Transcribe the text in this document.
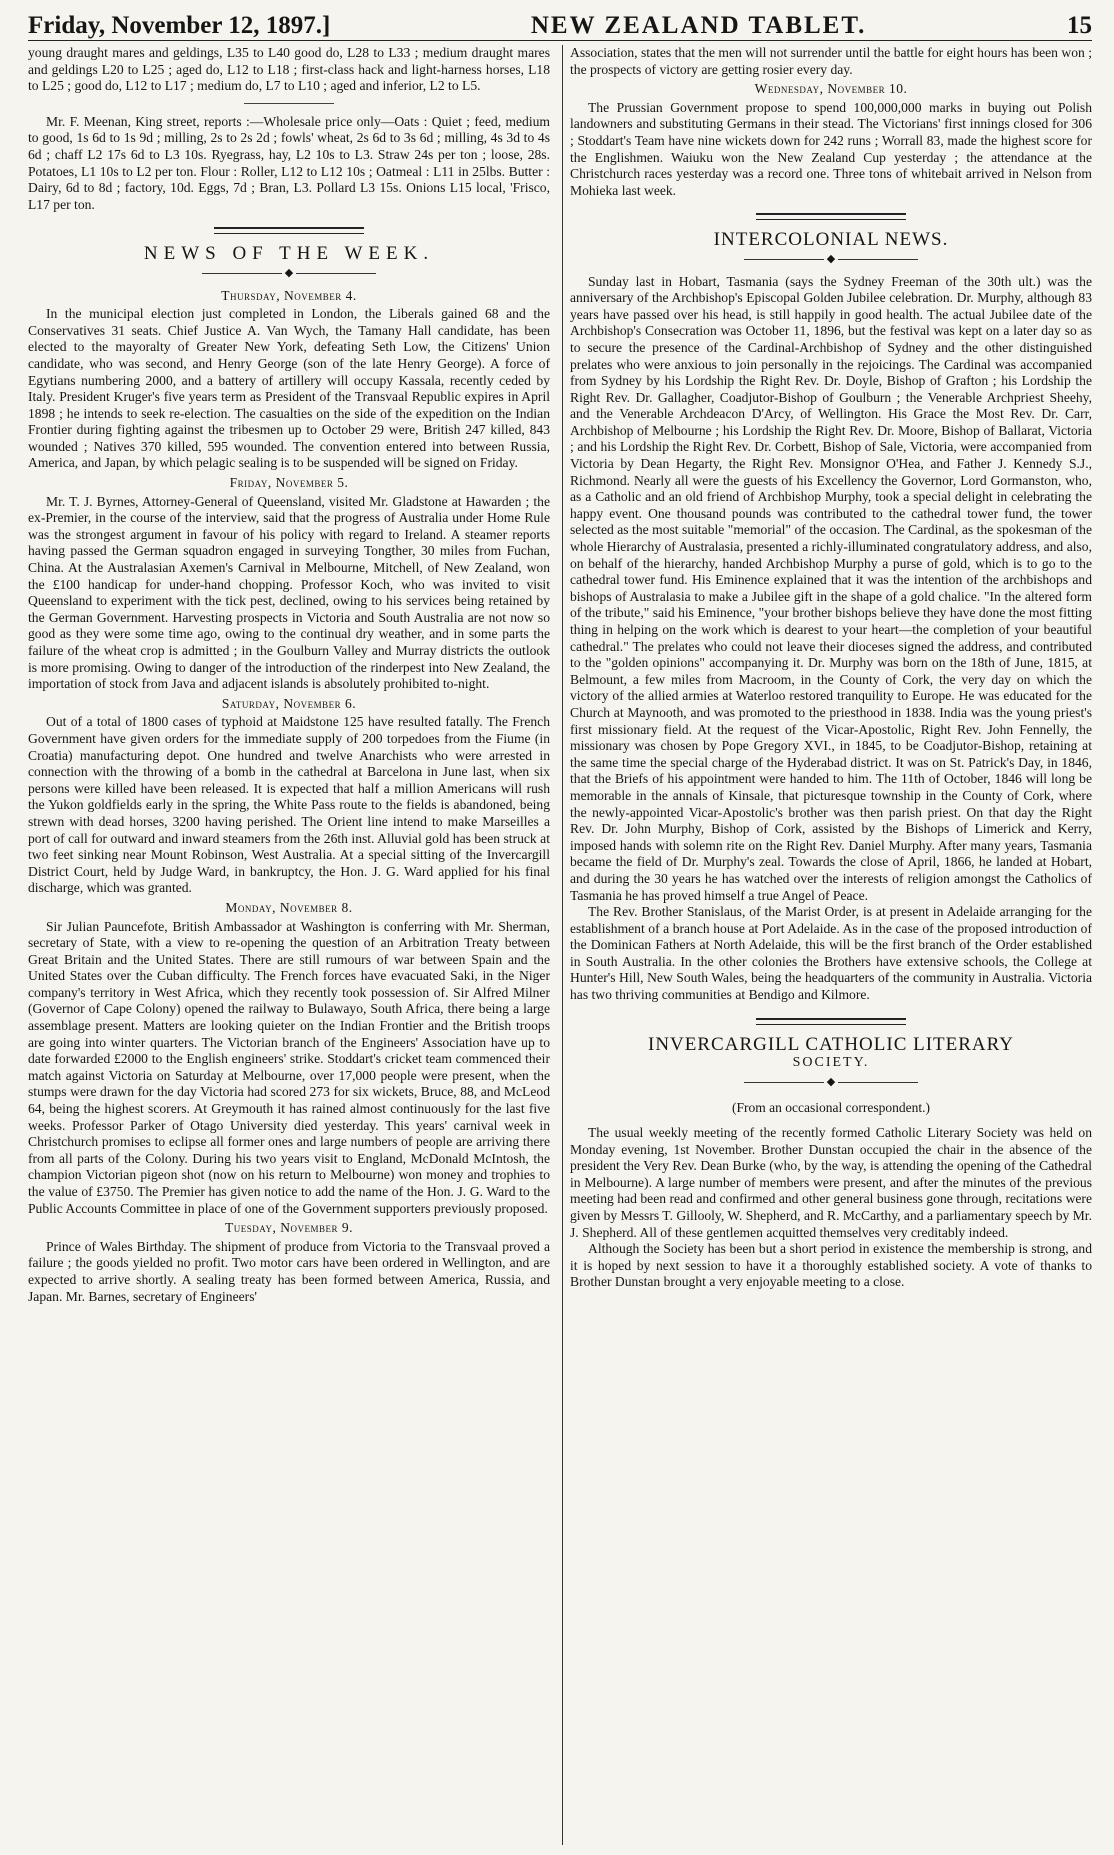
Friday, November 12, 1897.]	NEW ZEALAND TABLET.	15

young draught mares and geldings, L35 to L40 good do, L28 to L33 ; medium draught mares and geldings L20 to L25 ; aged do, L12 to L18 ; first-class hack and light-harness horses, L18 to L25 ; good do, L12 to L17 ; medium do, L7 to L10 ; aged and inferior, L2 to L5.

Mr. F. Meenan, King street, reports :—Wholesale price only—Oats : Quiet ; feed, medium to good, 1s 6d to 1s 9d ; milling, 2s to 2s 2d ; fowls' wheat, 2s 6d to 3s 6d ; milling, 4s 3d to 4s 6d ; chaff L2 17s 6d to L3 10s. Ryegrass, hay, L2 10s to L3. Straw 24s per ton ; loose, 28s. Potatoes, L1 10s to L2 per ton. Flour : Roller, L12 to L12 10s ; Oatmeal : L11 in 25lbs. Butter : Dairy, 6d to 8d ; factory, 10d. Eggs, 7d ; Bran, L3. Pollard L3 15s. Onions L15 local, 'Frisco, L17 per ton.

NEWS OF THE WEEK.
◆
Thursday, November 4.

In the municipal election just completed in London, the Liberals gained 68 and the Conservatives 31 seats. Chief Justice A. Van Wych, the Tamany Hall candidate, has been elected to the mayoralty of Greater New York, defeating Seth Low, the Citizens' Union candidate, who was second, and Henry George (son of the late Henry George). A force of Egytians numbering 2000, and a battery of artillery will occupy Kassala, recently ceded by Italy. President Kruger's five years term as President of the Transvaal Republic expires in April 1898 ; he intends to seek re-election. The casualties on the side of the expedition on the Indian Frontier during fighting against the tribesmen up to October 29 were, British 247 killed, 843 wounded ; Natives 370 killed, 595 wounded. The convention entered into between Russia, America, and Japan, by which pelagic sealing is to be suspended will be signed on Friday.

Friday, November 5.

Mr. T. J. Byrnes, Attorney-General of Queensland, visited Mr. Gladstone at Hawarden ; the ex-Premier, in the course of the interview, said that the progress of Australia under Home Rule was the strongest argument in favour of his policy with regard to Ireland. A steamer reports having passed the German squadron engaged in surveying Tongther, 30 miles from Fuchan, China. At the Australasian Axemen's Carnival in Melbourne, Mitchell, of New Zealand, won the £100 handicap for under-hand chopping. Professor Koch, who was invited to visit Queensland to experiment with the tick pest, declined, owing to his services being retained by the German Government. Harvesting prospects in Victoria and South Australia are not now so good as they were some time ago, owing to the continual dry weather, and in some parts the failure of the wheat crop is admitted ; in the Goulburn Valley and Murray districts the outlook is more promising. Owing to danger of the introduction of the rinderpest into New Zealand, the importation of stock from Java and adjacent islands is absolutely prohibited to-night.

Saturday, November 6.

Out of a total of 1800 cases of typhoid at Maidstone 125 have resulted fatally. The French Government have given orders for the immediate supply of 200 torpedoes from the Fiume (in Croatia) manufacturing depot. One hundred and twelve Anarchists who were arrested in connection with the throwing of a bomb in the cathedral at Barcelona in June last, when six persons were killed have been released. It is expected that half a million Americans will rush the Yukon goldfields early in the spring, the White Pass route to the fields is abandoned, being strewn with dead horses, 3200 having perished. The Orient line intend to make Marseilles a port of call for outward and inward steamers from the 26th inst. Alluvial gold has been struck at two feet sinking near Mount Robinson, West Australia. At a special sitting of the Invercargill District Court, held by Judge Ward, in bankruptcy, the Hon. J. G. Ward applied for his final discharge, which was granted.

Monday, November 8.

Sir Julian Pauncefote, British Ambassador at Washington is conferring with Mr. Sherman, secretary of State, with a view to re-opening the question of an Arbitration Treaty between Great Britain and the United States. There are still rumours of war between Spain and the United States over the Cuban difficulty. The French forces have evacuated Saki, in the Niger company's territory in West Africa, which they recently took possession of. Sir Alfred Milner (Governor of Cape Colony) opened the railway to Bulawayo, South Africa, there being a large assemblage present. Matters are looking quieter on the Indian Frontier and the British troops are going into winter quarters. The Victorian branch of the Engineers' Association have up to date forwarded £2000 to the English engineers' strike. Stoddart's cricket team commenced their match against Victoria on Saturday at Melbourne, over 17,000 people were present, when the stumps were drawn for the day Victoria had scored 273 for six wickets, Bruce, 88, and McLeod 64, being the highest scorers. At Greymouth it has rained almost continuously for the last five weeks. Professor Parker of Otago University died yesterday. This years' carnival week in Christchurch promises to eclipse all former ones and large numbers of people are arriving there from all parts of the Colony. During his two years visit to England, McDonald McIntosh, the champion Victorian pigeon shot (now on his return to Melbourne) won money and trophies to the value of £3750. The Premier has given notice to add the name of the Hon. J. G. Ward to the Public Accounts Committee in place of one of the Government supporters previously proposed.

Tuesday, November 9.

Prince of Wales Birthday. The shipment of produce from Victoria to the Transvaal proved a failure ; the goods yielded no profit. Two motor cars have been ordered in Wellington, and are expected to arrive shortly. A sealing treaty has been formed between America, Russia, and Japan. Mr. Barnes, secretary of Engineers'

Association, states that the men will not surrender until the battle for eight hours has been won ; the prospects of victory are getting rosier every day.

Wednesday, November 10.

The Prussian Government propose to spend 100,000,000 marks in buying out Polish landowners and substituting Germans in their stead. The Victorians' first innings closed for 306 ; Stoddart's Team have nine wickets down for 242 runs ; Worrall 83, made the highest score for the Englishmen. Waiuku won the New Zealand Cup yesterday ; the attendance at the Christchurch races yesterday was a record one. Three tons of whitebait arrived in Nelson from Mohieka last week.

INTERCOLONIAL NEWS.
◆

Sunday last in Hobart, Tasmania (says the Sydney Freeman of the 30th ult.) was the anniversary of the Archbishop's Episcopal Golden Jubilee celebration. Dr. Murphy, although 83 years have passed over his head, is still happily in good health. The actual Jubilee date of the Archbishop's Consecration was October 11, 1896, but the festival was kept on a later day so as to secure the presence of the Cardinal-Archbishop of Sydney and the other distinguished prelates who were anxious to join personally in the rejoicings. The Cardinal was accompanied from Sydney by his Lordship the Right Rev. Dr. Doyle, Bishop of Grafton ; his Lordship the Right Rev. Dr. Gallagher, Coadjutor-Bishop of Goulburn ; the Venerable Archpriest Sheehy, and the Venerable Archdeacon D'Arcy, of Wellington. His Grace the Most Rev. Dr. Carr, Archbishop of Melbourne ; his Lordship the Right Rev. Dr. Moore, Bishop of Ballarat, Victoria ; and his Lordship the Right Rev. Dr. Corbett, Bishop of Sale, Victoria, were accompanied from Victoria by Dean Hegarty, the Right Rev. Monsignor O'Hea, and Father J. Kennedy S.J., Richmond. Nearly all were the guests of his Excellency the Governor, Lord Gormanston, who, as a Catholic and an old friend of Archbishop Murphy, took a special delight in celebrating the happy event. One thousand pounds was contributed to the cathedral tower fund, the tower selected as the most suitable "memorial" of the occasion. The Cardinal, as the spokesman of the whole Hierarchy of Australasia, presented a richly-illuminated congratulatory address, and also, on behalf of the hierarchy, handed Archbishop Murphy a purse of gold, which is to go to the cathedral tower fund. His Eminence explained that it was the intention of the archbishops and bishops of Australasia to make a Jubilee gift in the shape of a gold chalice. "In the altered form of the tribute," said his Eminence, "your brother bishops believe they have done the most fitting thing in helping on the work which is dearest to your heart—the completion of your beautiful cathedral." The prelates who could not leave their dioceses signed the address, and contributed to the "golden opinions" accompanying it. Dr. Murphy was born on the 18th of June, 1815, at Belmount, a few miles from Macroom, in the County of Cork, the very day on which the victory of the allied armies at Waterloo restored tranquility to Europe. He was educated for the Church at Maynooth, and was promoted to the priesthood in 1838. India was the young priest's first missionary field. At the request of the Vicar-Apostolic, Right Rev. John Fennelly, the missionary was chosen by Pope Gregory XVI., in 1845, to be Coadjutor-Bishop, retaining at the same time the special charge of the Hyderabad district. It was on St. Patrick's Day, in 1846, that the Briefs of his appointment were handed to him. The 11th of October, 1846 will long be memorable in the annals of Kinsale, that picturesque township in the County of Cork, where the newly-appointed Vicar-Apostolic's brother was then parish priest. On that day the Right Rev. Dr. John Murphy, Bishop of Cork, assisted by the Bishops of Limerick and Kerry, imposed hands with solemn rite on the Right Rev. Daniel Murphy. After many years, Tasmania became the field of Dr. Murphy's zeal. Towards the close of April, 1866, he landed at Hobart, and during the 30 years he has watched over the interests of religion amongst the Catholics of Tasmania he has proved himself a true Angel of Peace.

The Rev. Brother Stanislaus, of the Marist Order, is at present in Adelaide arranging for the establishment of a branch house at Port Adelaide. As in the case of the proposed introduction of the Dominican Fathers at North Adelaide, this will be the first branch of the Order established in South Australia. In the other colonies the Brothers have extensive schools, the College at Hunter's Hill, New South Wales, being the headquarters of the community in Australia. Victoria has two thriving communities at Bendigo and Kilmore.

INVERCARGILL CATHOLIC LITERARY
SOCIETY.
◆
(From an occasional correspondent.)

The usual weekly meeting of the recently formed Catholic Literary Society was held on Monday evening, 1st November. Brother Dunstan occupied the chair in the absence of the president the Very Rev. Dean Burke (who, by the way, is attending the opening of the Cathedral in Melbourne). A large number of members were present, and after the minutes of the previous meeting had been read and confirmed and other general business gone through, recitations were given by Messrs T. Gillooly, W. Shepherd, and R. McCarthy, and a parliamentary speech by Mr. J. Shepherd. All of these gentlemen acquitted themselves very creditably indeed.

Although the Society has been but a short period in existence the membership is strong, and it is hoped by next session to have it a thoroughly established society. A vote of thanks to Brother Dunstan brought a very enjoyable meeting to a close.
